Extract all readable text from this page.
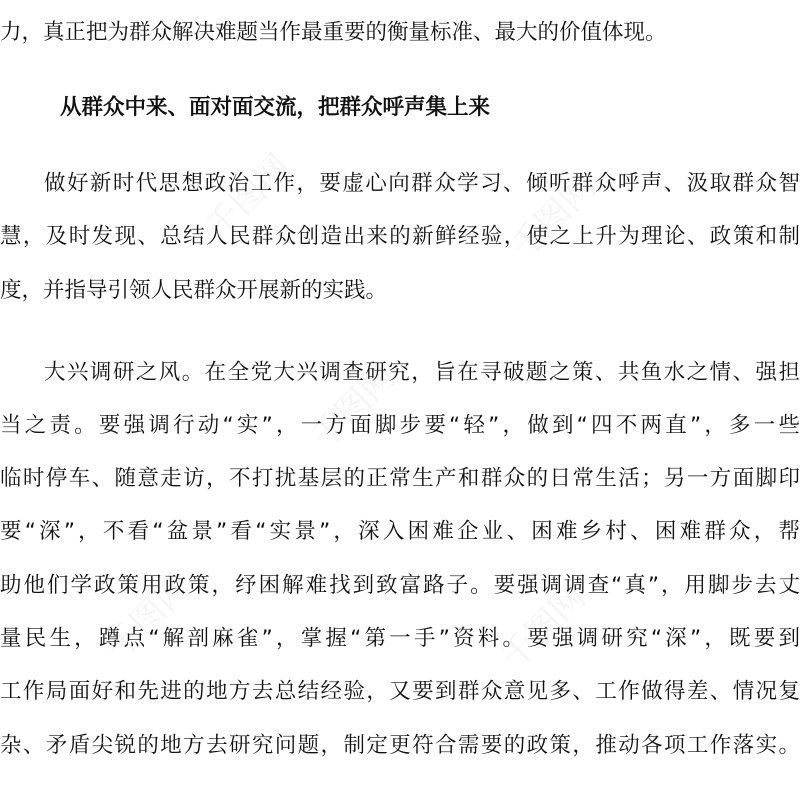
力，真正把为群众解决难题当作最重要的衡量标准、最大的价值体现。
从群众中来、面对面交流，把群众呼声集上来
做好新时代思想政治工作，要虚心向群众学习、倾听群众呼声、汲取群众智
慧，及时发现、总结人民群众创造出来的新鲜经验，使之上升为理论、政策和制
度，并指导引领人民群众开展新的实践。
大兴调研之风。在全党大兴调查研究，旨在寻破题之策、共鱼水之情、强担
当之责。要强调行动“实”，一方面脚步要“轻”，做到“四不两直”，多一些
临时停车、随意走访，不打扰基层的正常生产和群众的日常生活；另一方面脚印
要“深”，不看“盆景”看“实景”，深入困难企业、困难乡村、困难群众，帮
助他们学政策用政策，纾困解难找到致富路子。要强调调查“真”，用脚步去丈
量民生，蹲点“解剖麻雀”，掌握“第一手”资料。要强调研究“深”，既要到
工作局面好和先进的地方去总结经验，又要到群众意见多、工作做得差、情况复
杂、矛盾尖锐的地方去研究问题，制定更符合需要的政策，推动各项工作落实。
千图网	千图网
千图网
千图网	千图网
